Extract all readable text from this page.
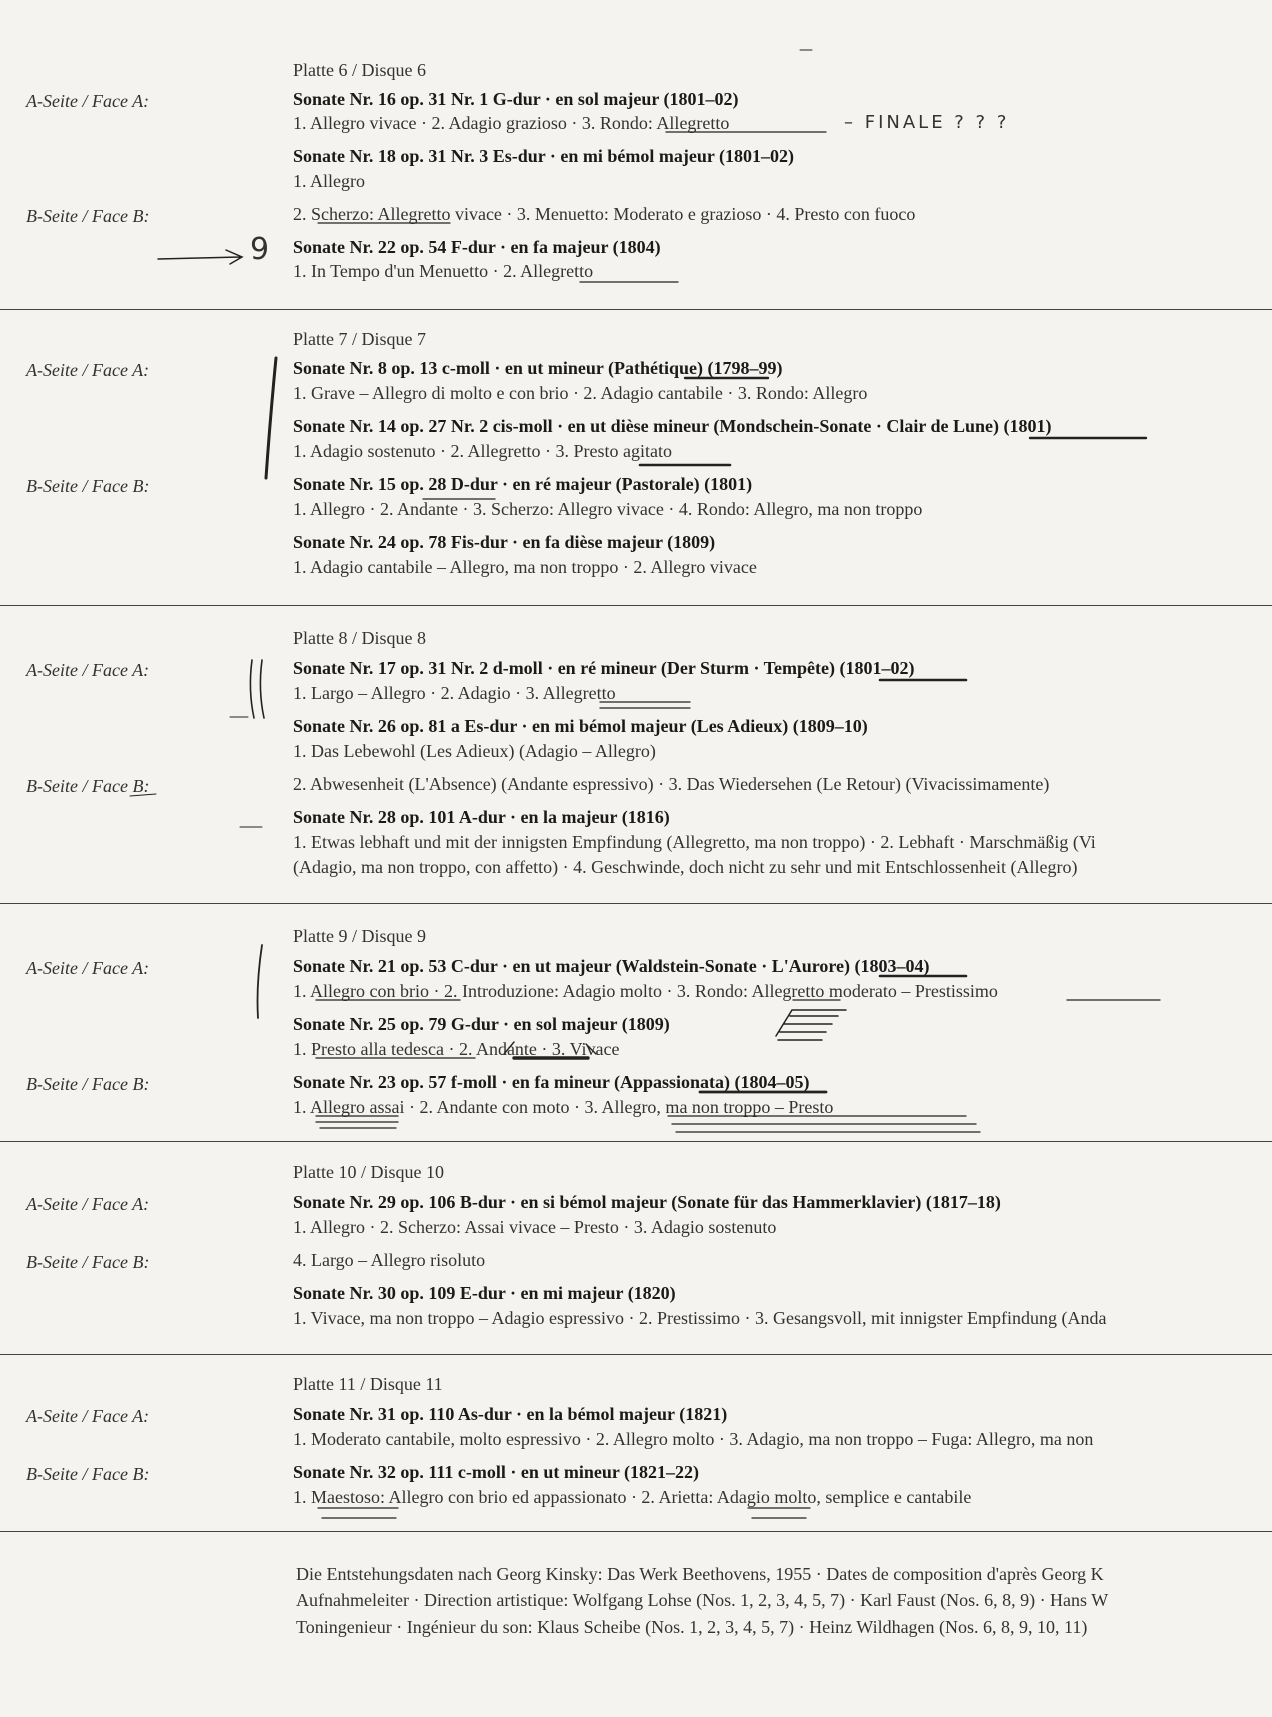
Platte 6 / Disque 6
A-Seite / Face A:	Sonate Nr. 16 op. 31 Nr. 1 G-dur · en sol majeur (1801–02)
1. Allegro vivace · 2. Adagio grazioso · 3. Rondo: Allegretto
Sonate Nr. 18 op. 31 Nr. 3 Es-dur · en mi bémol majeur (1801–02)
1. Allegro
B-Seite / Face B:	2. Scherzo: Allegretto vivace · 3. Menuetto: Moderato e grazioso · 4. Presto con fuoco
Sonate Nr. 22 op. 54 F-dur · en fa majeur (1804)
1. In Tempo d'un Menuetto · 2. Allegretto
Platte 7 / Disque 7
A-Seite / Face A:	Sonate Nr. 8 op. 13 c-moll · en ut mineur (Pathétique) (1798–99)
1. Grave – Allegro di molto e con brio · 2. Adagio cantabile · 3. Rondo: Allegro
Sonate Nr. 14 op. 27 Nr. 2 cis-moll · en ut dièse mineur (Mondschein-Sonate · Clair de Lune) (1801)
1. Adagio sostenuto · 2. Allegretto · 3. Presto agitato
B-Seite / Face B:	Sonate Nr. 15 op. 28 D-dur · en ré majeur (Pastorale) (1801)
1. Allegro · 2. Andante · 3. Scherzo: Allegro vivace · 4. Rondo: Allegro, ma non troppo
Sonate Nr. 24 op. 78 Fis-dur · en fa dièse majeur (1809)
1. Adagio cantabile – Allegro, ma non troppo · 2. Allegro vivace
Platte 8 / Disque 8
A-Seite / Face A:	Sonate Nr. 17 op. 31 Nr. 2 d-moll · en ré mineur (Der Sturm · Tempête) (1801–02)
1. Largo – Allegro · 2. Adagio · 3. Allegretto
Sonate Nr. 26 op. 81 a Es-dur · en mi bémol majeur (Les Adieux) (1809–10)
1. Das Lebewohl (Les Adieux) (Adagio – Allegro)
B-Seite / Face B:	2. Abwesenheit (L'Absence) (Andante espressivo) · 3. Das Wiedersehen (Le Retour) (Vivacissimamente)
Sonate Nr. 28 op. 101 A-dur · en la majeur (1816)
1. Etwas lebhaft und mit der innigsten Empfindung (Allegretto, ma non troppo) · 2. Lebhaft · Marschmäßig (Vi
(Adagio, ma non troppo, con affetto) · 4. Geschwinde, doch nicht zu sehr und mit Entschlossenheit (Allegro)
Platte 9 / Disque 9
A-Seite / Face A:	Sonate Nr. 21 op. 53 C-dur · en ut majeur (Waldstein-Sonate · L'Aurore) (1803–04)
1. Allegro con brio · 2. Introduzione: Adagio molto · 3. Rondo: Allegretto moderato – Prestissimo
Sonate Nr. 25 op. 79 G-dur · en sol majeur (1809)
1. Presto alla tedesca · 2. Andante · 3. Vivace
B-Seite / Face B:	Sonate Nr. 23 op. 57 f-moll · en fa mineur (Appassionata) (1804–05)
1. Allegro assai · 2. Andante con moto · 3. Allegro, ma non troppo – Presto
Platte 10 / Disque 10
A-Seite / Face A:	Sonate Nr. 29 op. 106 B-dur · en si bémol majeur (Sonate für das Hammerklavier) (1817–18)
1. Allegro · 2. Scherzo: Assai vivace – Presto · 3. Adagio sostenuto
B-Seite / Face B:	4. Largo – Allegro risoluto
Sonate Nr. 30 op. 109 E-dur · en mi majeur (1820)
1. Vivace, ma non troppo – Adagio espressivo · 2. Prestissimo · 3. Gesangsvoll, mit innigster Empfindung (Anda
Platte 11 / Disque 11
A-Seite / Face A:	Sonate Nr. 31 op. 110 As-dur · en la bémol majeur (1821)
1. Moderato cantabile, molto espressivo · 2. Allegro molto · 3. Adagio, ma non troppo – Fuga: Allegro, ma non
B-Seite / Face B:	Sonate Nr. 32 op. 111 c-moll · en ut mineur (1821–22)
1. Maestoso: Allegro con brio ed appassionato · 2. Arietta: Adagio molto, semplice e cantabile
Die Entstehungsdaten nach Georg Kinsky: Das Werk Beethovens, 1955 · Dates de composition d'après Georg K
Aufnahmeleiter · Direction artistique: Wolfgang Lohse (Nos. 1, 2, 3, 4, 5, 7) · Karl Faust (Nos. 6, 8, 9) · Hans W
Toningenieur · Ingénieur du son: Klaus Scheibe (Nos. 1, 2, 3, 4, 5, 7) · Heinz Wildhagen (Nos. 6, 8, 9, 10, 11)
– FINALE ? ? ?
9
